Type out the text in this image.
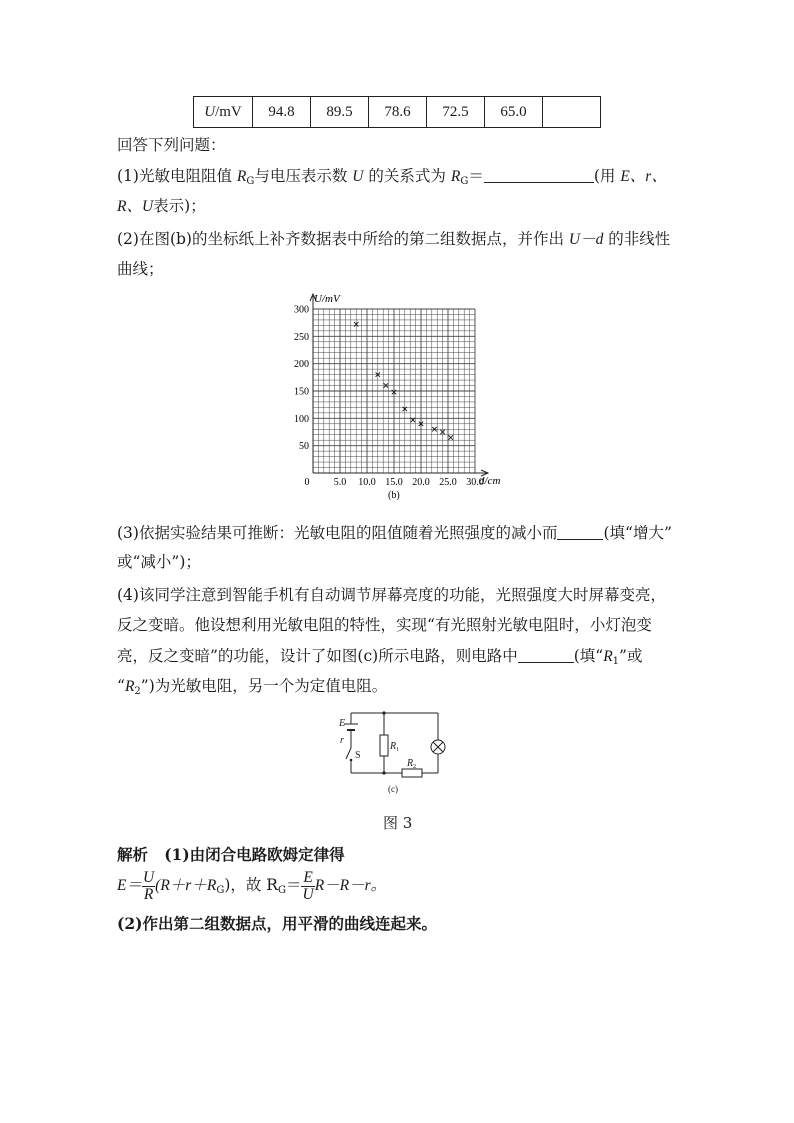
U/mV	94.8	89.5	78.6	72.5	65.0	
回答下列问题：
(1)光敏电阻阻值 $R_G$与电压表示数 U 的关系式为 $R_G=$	(用 E、r、
R、U表示)；
(2)在图(b)的坐标纸上补齐数据表中所给的第二组数据点，并作出 U－d 的非线性
曲线；
0 5.0 10.0 15.0 20.0 25.0 30.0
50
100
150
200
250
300
U/mV
d/cm
(b)
(3)依据实验结果可推断：光敏电阻的阻值随着光照强度的减小而	(填“增大”
或“减小”)；
(4)该同学注意到智能手机有自动调节屏幕亮度的功能，光照强度大时屏幕变亮，
反之变暗。他设想利用光敏电阻的特性，实现“有光照射光敏电阻时，小灯泡变
亮，反之变暗”的功能，设计了如图(c)所示电路，则电路中	(填“$R_1$”或
“$R_2$”)为光敏电阻，另一个为定值电阻。
E
r
S
$R_1$
$R_2$
(c)
图 3
解析 (1)由闭合电路欧姆定律得
$E= \frac{U}{R} (R+r+R_G)$，故 $R_G= \frac{E}{U} R-R-r$。
(2)作出第二组数据点，用平滑的曲线连起来。
